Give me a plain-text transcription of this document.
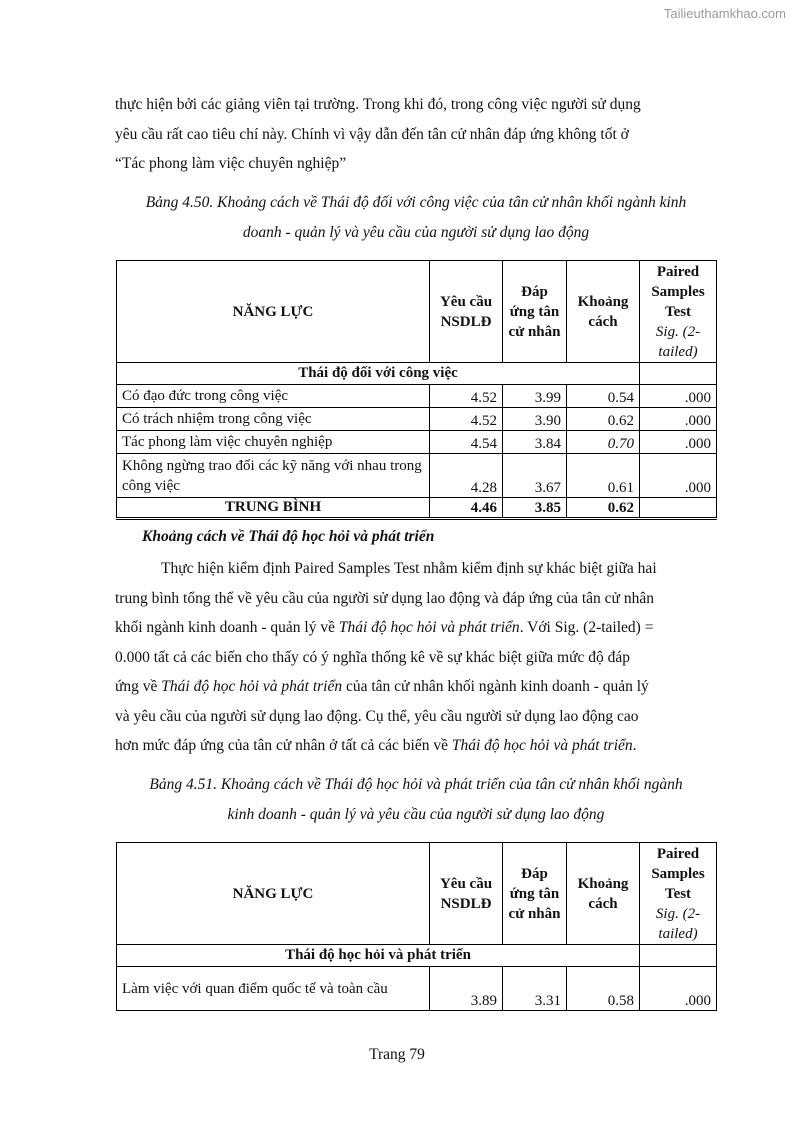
Tailieuthamkhao.com

thực hiện bởi các giảng viên tại trường. Trong khi đó, trong công việc người sử dụng
yêu cầu rất cao tiêu chí này. Chính vì vậy dẫn đến tân cử nhân đáp ứng không tốt ở
“Tác phong làm việc chuyên nghiệp”

Bảng 4.50. Khoảng cách về Thái độ đối với công việc của tân cử nhân khối ngành kinh
doanh - quản lý và yêu cầu của người sử dụng lao động

NĂNG LỰC	Yêu cầu NSDLĐ	Đáp ứng tân cử nhân	Khoảng cách	Paired Samples Test
Sig. (2-tailed)
Thái độ đối với công việc				
Có đạo đức trong công việc	4.52	3.99	0.54	.000
Có trách nhiệm trong công việc	4.52	3.90	0.62	.000
Tác phong làm việc chuyên nghiệp	4.54	3.84	0.70	.000
Không ngừng trao đổi các kỹ năng với nhau trong công việc	4.28	3.67	0.61	.000
TRUNG BÌNH	4.46	3.85	0.62	

Khoảng cách về Thái độ học hỏi và phát triển

Thực hiện kiểm định Paired Samples Test nhằm kiểm định sự khác biệt giữa hai
trung bình tổng thể về yêu cầu của người sử dụng lao động và đáp ứng của tân cử nhân
khối ngành kinh doanh - quản lý về Thái độ học hỏi và phát triển. Với Sig. (2-tailed) =
0.000 tất cả các biến cho thấy có ý nghĩa thống kê về sự khác biệt giữa mức độ đáp
ứng về Thái độ học hỏi và phát triển của tân cử nhân khối ngành kinh doanh - quản lý
và yêu cầu của người sử dụng lao động. Cụ thể, yêu cầu người sử dụng lao động cao
hơn mức đáp ứng của tân cử nhân ở tất cả các biến về Thái độ học hỏi và phát triển.

Bảng 4.51. Khoảng cách về Thái độ học hỏi và phát triển của tân cử nhân khối ngành
kinh doanh - quản lý và yêu cầu của người sử dụng lao động

NĂNG LỰC	Yêu cầu NSDLĐ	Đáp ứng tân cử nhân	Khoảng cách	Paired Samples Test
Sig. (2-tailed)
Thái độ học hỏi và phát triển				
Làm việc với quan điểm quốc tế và toàn cầu	3.89	3.31	0.58	.000
Trang 79
